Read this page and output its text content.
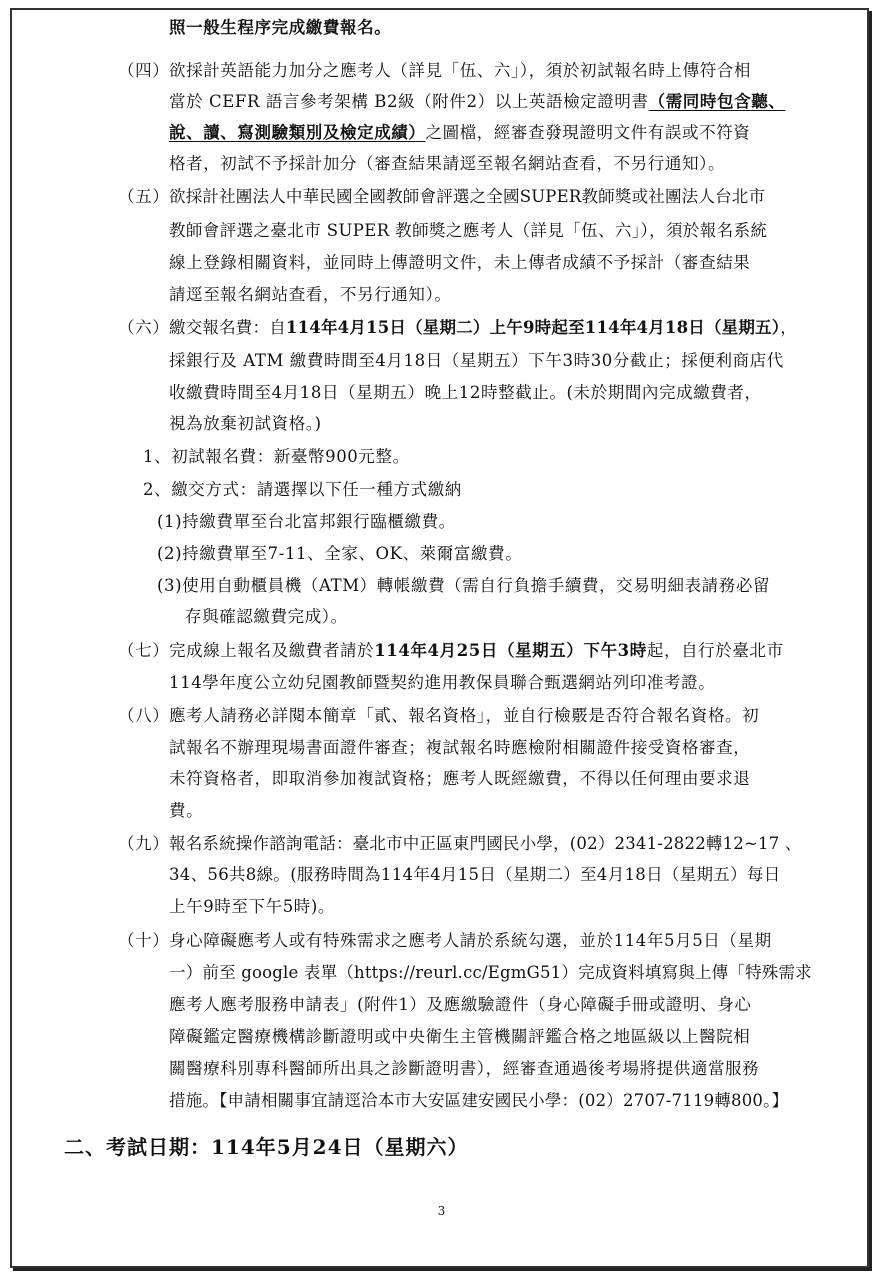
照一般生程序完成繳費報名。
（四） 欲採計英語能力加分之應考人（詳見「伍、六」），須於初試報名時上傳符合相
當於 CEFR 語言參考架構 B2級（附件2）以上英語檢定證明書（需同時包含聽、
說、讀、寫測驗類別及檢定成績）之圖檔，經審查發現證明文件有誤或不符資
格者，初試不予採計加分（審查結果請逕至報名網站查看，不另行通知）。
（五） 欲採計社團法人中華民國全國教師會評選之全國SUPER教師獎或社團法人台北市
教師會評選之臺北市 SUPER 教師獎之應考人（詳見「伍、六」），須於報名系統
線上登錄相關資料，並同時上傳證明文件，未上傳者成績不予採計（審查結果
請逕至報名網站查看，不另行通知）。
（六） 繳交報名費：自114年4月15日（星期二）上午9時起至114年4月18日（星期五），
採銀行及 ATM 繳費時間至4月18日（星期五）下午3時30分截止；採便利商店代
收繳費時間至4月18日（星期五）晚上12時整截止。(未於期間內完成繳費者，
視為放棄初試資格。)
1、初試報名費：新臺幣900元整。
2、繳交方式：請選擇以下任一種方式繳納
(1)持繳費單至台北富邦銀行臨櫃繳費。
(2)持繳費單至7-11、全家、OK、萊爾富繳費。
(3)使用自動櫃員機（ATM）轉帳繳費（需自行負擔手續費，交易明細表請務必留
存與確認繳費完成）。
（七） 完成線上報名及繳費者請於114年4月25日（星期五）下午3時起，自行於臺北市
114學年度公立幼兒園教師暨契約進用教保員聯合甄選網站列印准考證。
（八） 應考人請務必詳閱本簡章「貳、報名資格」，並自行檢覈是否符合報名資格。初
試報名不辦理現場書面證件審查；複試報名時應檢附相關證件接受資格審查，
未符資格者，即取消參加複試資格；應考人既經繳費，不得以任何理由要求退
費。
（九） 報名系統操作諮詢電話：臺北市中正區東門國民小學，(02）2341-2822轉12~17 、
34、56共8線。(服務時間為114年4月15日（星期二）至4月18日（星期五）每日
上午9時至下午5時)。
（十） 身心障礙應考人或有特殊需求之應考人請於系統勾選，並於114年5月5日（星期
一）前至 google 表單（https://reurl.cc/EgmG51）完成資料填寫與上傳「特殊需求
應考人應考服務申請表」(附件1）及應繳驗證件（身心障礙手冊或證明、身心
障礙鑑定醫療機構診斷證明或中央衛生主管機關評鑑合格之地區級以上醫院相
關醫療科別專科醫師所出具之診斷證明書），經審查通過後考場將提供適當服務
措施。【申請相關事宜請逕洽本市大安區建安國民小學：(02）2707-7119轉800。】
二、考試日期：114年5月24日（星期六）
3
